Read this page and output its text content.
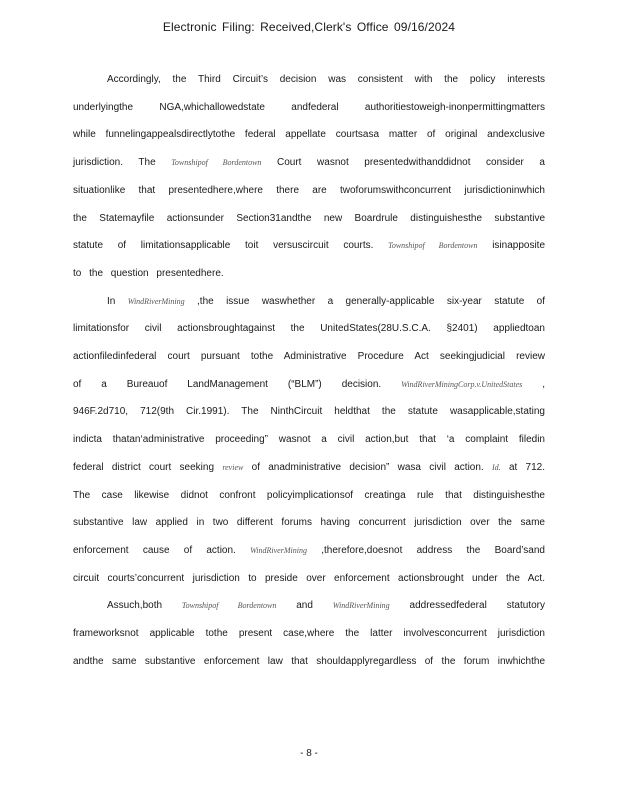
Electronic Filing: Received,Clerk's Office 09/16/2024
Accordingly, the Third Circuit’s decision was consistent with the policy interests
underlyingthe NGA,whichallowedstate andfederal authoritiestoweigh-inonpermittingmatters
while funnelingappealsdirectlytothe federal appellate courtsasa matter of original andexclusive
jurisdiction. The Townshipof Bordentown Court wasnot presentedwithanddidnot consider a
situationlike that presentedhere,where there are twoforumswithconcurrent jurisdictioninwhich
the Statemayfile actionsunder Section31andthe new Boardrule distinguishesthe substantive
statute of limitationsapplicable toit versuscircuit courts. Townshipof Bordentown isinapposite
to the question presentedhere.
In WindRiverMining ,the issue waswhether a generally-applicable six-year statute of
limitationsfor civil actionsbroughtagainst the UnitedStates(28U.S.C.A. §2401) appliedtoan
actionfiledinfederal court pursuant tothe Administrative Procedure Act seekingjudicial review
of a Bureauof LandManagement (“BLM”) decision. WindRiverMiningCorp.v.UnitedStates ,
946F.2d710, 712(9th Cir.1991). The NinthCircuit heldthat the statute wasapplicable,stating
indicta thatan‘administrative proceeding” wasnot a civil action,but that ‘a complaint filedin
federal district court seeking review of anadministrative decision” wasa civil action. Id. at 712.
The case likewise didnot confront policyimplicationsof creatinga rule that distinguishesthe
substantive law applied in two different forums having concurrent jurisdiction over the same
enforcement cause of action. WindRiverMining ,therefore,doesnot address the Board’sand
circuit courts’concurrent jurisdiction to preside over enforcement actionsbrought under the Act.
Assuch,both Townshipof Bordentown and WindRiverMining addressedfederal statutory
frameworksnot applicable tothe present case,where the latter involvesconcurrent jurisdiction
andthe same substantive enforcement law that shouldapplyregardless of the forum inwhichthe
- 8 -
